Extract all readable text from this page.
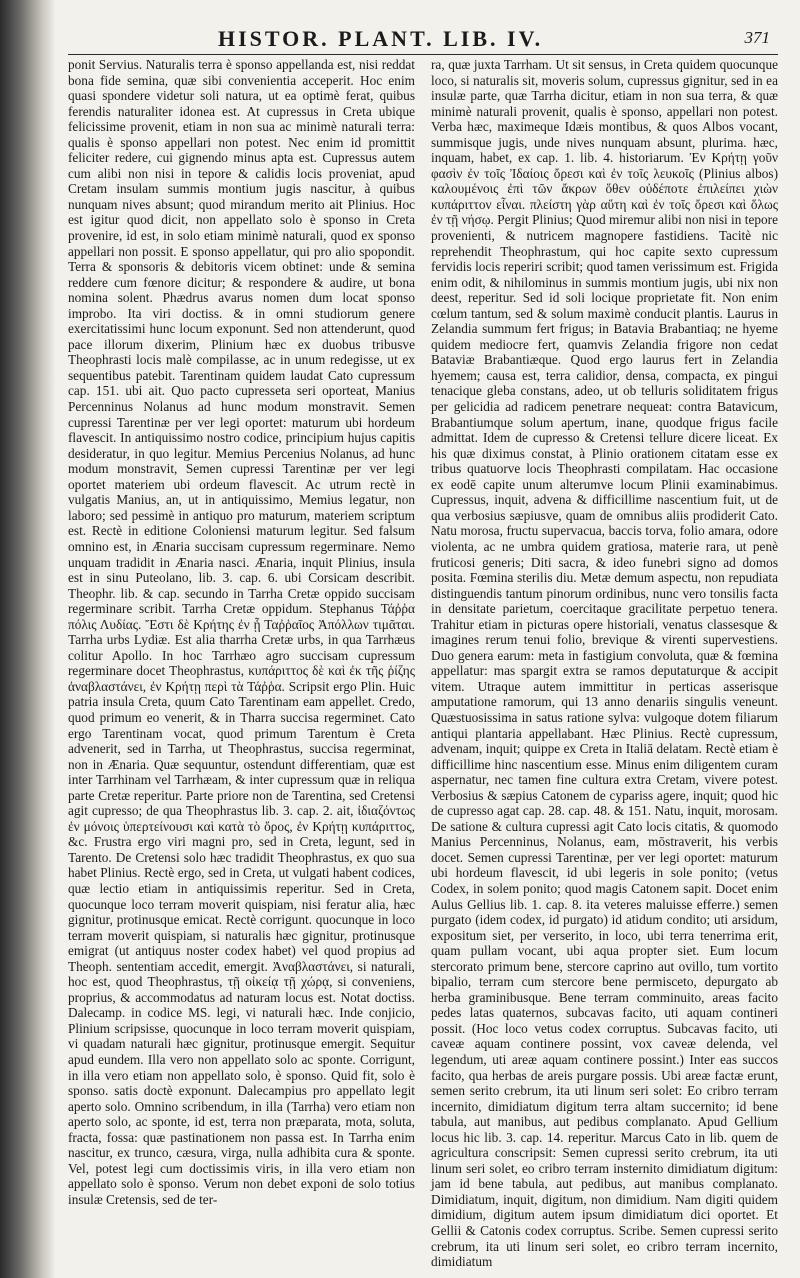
HISTOR. PLANT. LIB. IV.	371

ponit Servius. Naturalis terra è sponso appellanda est, nisi reddat bona fide semina, quæ sibi convenientia acceperit. Hoc enim quasi spondere videtur soli natura, ut ea optimè ferat, quibus ferendis naturaliter idonea est. At cupressus in Creta ubique felicissime provenit, etiam in non sua ac minimè naturali terra: qualis è sponso appellari non potest. Nec enim id promittit feliciter redere, cui gignendo minus apta est. Cupressus autem cum alibi non nisi in tepore & calidis locis proveniat, apud Cretam insulam summis montium jugis nascitur, à quibus nunquam nives absunt; quod mirandum merito ait Plinius. Hoc est igitur quod dicit, non appellato solo è sponso in Creta provenire, id est, in solo etiam minimè naturali, quod ex sponso appellari non possit. E sponso appellatur, qui pro alio spopondit. Terra & sponsoris & debitoris vicem obtinet: unde & semina reddere cum fœnore dicitur; & respondere & audire, ut bona nomina solent. Phædrus avarus nomen dum locat sponso improbo. Ita viri doctiss. & in omni studiorum genere exercitatissimi hunc locum exponunt. Sed non attenderunt, quod pace illorum dixerim, Plinium hæc ex duobus tribusve Theophrasti locis malè compilasse, ac in unum redegisse, ut ex sequentibus patebit. Tarentinam quidem laudat Cato cupressum cap. 151. ubi ait. Quo pacto cupresseta seri oporteat, Manius Percenninus Nolanus ad hunc modum monstravit. Semen cupressi Tarentinæ per ver legi oportet: maturum ubi hordeum flavescit. In antiquissimo nostro codice, principium hujus capitis desideratur, in quo legitur. Memius Percenius Nolanus, ad hunc modum monstravit, Semen cupressi Tarentinæ per ver legi oportet materiem ubi ordeum flavescit. Ac utrum rectè in vulgatis Manius, an, ut in antiquissimo, Memius legatur, non laboro; sed pessimè in antiquo pro maturum, materiem scriptum est. Rectè in editione Coloniensi maturum legitur. Sed falsum omnino est, in Ænaria succisam cupressum regerminare. Nemo unquam tradidit in Ænaria nasci. Ænaria, inquit Plinius, insula est in sinu Puteolano, lib. 3. cap. 6. ubi Corsicam describit. Theophr. lib. & cap. secundo in Tarrha Cretæ oppido succisam regerminare scribit. Tarrha Cretæ oppidum. Stephanus Τάῤῥα πόλις Λυδίας. Ἔστι δὲ Κρήτης ἐν ᾗ Ταῤῥαῖος Ἀπόλλων τιμᾶται. Tarrha urbs Lydiæ. Est alia tharrha Cretæ urbs, in qua Tarrhæus colitur Apollo. In hoc Tarrhæo agro succisam cupressum regerminare docet Theophrastus, κυπάριττος δὲ καὶ ἐκ τῆς ῥίζης ἀναβλαστάνει, ἐν Κρήτῃ περὶ τὰ Τάῤῥα. Scripsit ergo Plin. Huic patria insula Creta, quum Cato Tarentinam eam appellet. Credo, quod primum eo venerit, & in Tharra succisa regerminet. Cato ergo Tarentinam vocat, quod primum Tarentum è Creta advenerit, sed in Tarrha, ut Theophrastus, succisa regerminat, non in Ænaria. Quæ sequuntur, ostendunt differentiam, quæ est inter Tarrhinam vel Tarrhæam, & inter cupressum quæ in reliqua parte Cretæ reperitur. Parte priore non de Tarentina, sed Cretensi agit cupresso; de qua Theophrastus lib. 3. cap. 2. ait, ἰδιαζόντως ἐν μόνοις ὑπερτείνουσι καὶ κατὰ τὸ ὄρος, ἐν Κρήτῃ κυπάριττος, &c. Frustra ergo viri magni pro, sed in Creta, legunt, sed in Tarento. De Cretensi solo hæc tradidit Theophrastus, ex quo sua habet Plinius. Rectè ergo, sed in Creta, ut vulgati habent codices, quæ lectio etiam in antiquissimis reperitur. Sed in Creta, quocunque loco terram moverit quispiam, nisi feratur alia, hæc gignitur, protinusque emicat. Rectè corrigunt. quocunque in loco terram moverit quispiam, si naturalis hæc gignitur, protinusque emigrat (ut antiquus noster codex habet) vel quod propius ad Theoph. sententiam accedit, emergit. Ἀναβλαστάνει, si naturali, hoc est, quod Theophrastus, τῇ οἰκείᾳ τῇ χώρᾳ, si conveniens, proprius, & accommodatus ad naturam locus est. Notat doctiss. Dalecamp. in codice MS. legi, vi naturali hæc. Inde conjicio, Plinium scripsisse, quocunque in loco terram moverit quispiam, vi quadam naturali hæc gignitur, protinusque emergit. Sequitur apud eundem. Illa vero non appellato solo ac sponte. Corrigunt, in illa vero etiam non appellato solo, è sponso. Quid fit, solo è sponso. satis doctè exponunt. Dalecampius pro appellato legit aperto solo. Omnino scribendum, in illa (Tarrha) vero etiam non aperto solo, ac sponte, id est, terra non præparata, mota, soluta, fracta, fossa: quæ pastinationem non passa est. In Tarrha enim nascitur, ex trunco, cæsura, virga, nulla adhibita cura & sponte. Vel, potest legi cum doctissimis viris, in illa vero etiam non appellato solo è sponso. Verum non debet exponi de solo totius insulæ Cretensis, sed de ter-

ra, quæ juxta Tarrham. Ut sit sensus, in Creta quidem quocunque loco, si naturalis sit, moveris solum, cupressus gignitur, sed in ea insulæ parte, quæ Tarrha dicitur, etiam in non sua terra, & quæ minimè naturali provenit, qualis è sponso, appellari non potest. Verba hæc, maximeque Idæis montibus, & quos Albos vocant, summisque jugis, unde nives nunquam absunt, plurima. hæc, inquam, habet, ex cap. 1. lib. 4. historiarum. Ἐν Κρήτῃ γοῦν φασὶν ἐν τοῖς Ἰδαίοις ὄρεσι καὶ ἐν τοῖς λευκοῖς (Plinius albos) καλουμένοις ἐπὶ τῶν ἄκρων ὅθεν οὐδέποτε ἐπιλείπει χιὼν κυπάριττον εἶναι. πλείστη γὰρ αὕτη καὶ ἐν τοῖς ὄρεσι καὶ ὅλως ἐν τῇ νήσῳ. Pergit Plinius; Quod miremur alibi non nisi in tepore provenienti, & nutricem magnopere fastidiens. Tacitè nic reprehendit Theophrastum, qui hoc capite sexto cupressum fervidis locis reperiri scribit; quod tamen verissimum est. Frigida enim odit, & nihilominus in summis montium jugis, ubi nix non deest, reperitur. Sed id soli locique proprietate fit. Non enim cœlum tantum, sed & solum maximè conducit plantis. Laurus in Zelandia summum fert frigus; in Batavia Brabantiaq; ne hyeme quidem mediocre fert, quamvis Zelandia frigore non cedat Bataviæ Brabantiæque. Quod ergo laurus fert in Zelandia hyemem; causa est, terra calidior, densa, compacta, ex pingui tenacique gleba constans, adeo, ut ob telluris soliditatem frigus per gelicidia ad radicem penetrare nequeat: contra Batavicum, Brabantiumque solum apertum, inane, quodque frigus facile admittat. Idem de cupresso & Cretensi tellure dicere liceat. Ex his quæ diximus constat, à Plinio orationem citatam esse ex tribus quatuorve locis Theophrasti compilatam. Hac occasione ex eodē capite unum alterumve locum Plinii examinabimus. Cupressus, inquit, advena & difficillime nascentium fuit, ut de qua verbosius sæpiusve, quam de omnibus aliis prodiderit Cato. Natu morosa, fructu supervacua, baccis torva, folio amara, odore violenta, ac ne umbra quidem gratiosa, materie rara, ut penè fruticosi generis; Diti sacra, & ideo funebri signo ad domos posita. Fœmina sterilis diu. Metæ demum aspectu, non repudiata distinguendis tantum pinorum ordinibus, nunc vero tonsilis facta in densitate parietum, coercitaque gracilitate perpetuo tenera. Trahitur etiam in picturas opere historiali, venatus classesque & imagines rerum tenui folio, brevique & virenti supervestiens. Duo genera earum: meta in fastigium convoluta, quæ & fœmina appellatur: mas spargit extra se ramos deputaturque & accipit vitem. Utraque autem immittitur in perticas asserisque amputatione ramorum, qui 13 anno denariis singulis veneunt. Quæstuosissima in satus ratione sylva: vulgoque dotem filiarum antiqui plantaria appellabant. Hæc Plinius. Rectè cupressum, advenam, inquit; quippe ex Creta in Italiā delatam. Rectè etiam è difficillime hinc nascentium esse. Minus enim diligentem curam aspernatur, nec tamen fine cultura extra Cretam, vivere potest. Verbosius & sæpius Catonem de cypariss agere, inquit; quod hic de cupresso agat cap. 28. cap. 48. & 151. Natu, inquit, morosam. De satione & cultura cupressi agit Cato locis citatis, & quomodo Manius Percenninus, Nolanus, eam, mōstraverit, his verbis docet. Semen cupressi Tarentinæ, per ver legi oportet: maturum ubi hordeum flavescit, id ubi legeris in sole ponito; (vetus Codex, in solem ponito; quod magis Catonem sapit. Docet enim Aulus Gellius lib. 1. cap. 8. ita veteres maluisse efferre.) semen purgato (idem codex, id purgato) id atidum condito; uti arsidum, expositum siet, per verserito, in loco, ubi terra tenerrima erit, quam pullam vocant, ubi aqua propter siet. Eum locum stercorato primum bene, stercore caprino aut ovillo, tum vortito bipalio, terram cum stercore bene permisceto, depurgato ab herba graminibusque. Bene terram comminuito, areas facito pedes latas quaternos, subcavas facito, uti aquam contineri possit. (Hoc loco vetus codex corruptus. Subcavas facito, uti caveæ aquam continere possint, vox caveæ delenda, vel legendum, uti areæ aquam continere possint.) Inter eas succos facito, qua herbas de areis purgare possis. Ubi areæ factæ erunt, semen serito crebrum, ita uti linum seri solet: Eo cribro terram incernito, dimidiatum digitum terra altam succernito; id bene tabula, aut manibus, aut pedibus complanato. Apud Gellium locus hic lib. 3. cap. 14. reperitur. Marcus Cato in lib. quem de agricultura conscripsit: Semen cupressi serito crebrum, ita uti linum seri solet, eo cribro terram insternito dimidiatum digitum: jam id bene tabula, aut pedibus, aut manibus complanato. Dimidiatum, inquit, digitum, non dimidium. Nam digiti quidem dimidium, digitum autem ipsum dimidiatum dici oportet. Et Gellii & Catonis codex corruptus. Scribe. Semen cupressi serito crebrum, ita uti linum seri solet, eo cribro terram incernito, dimidiatum
